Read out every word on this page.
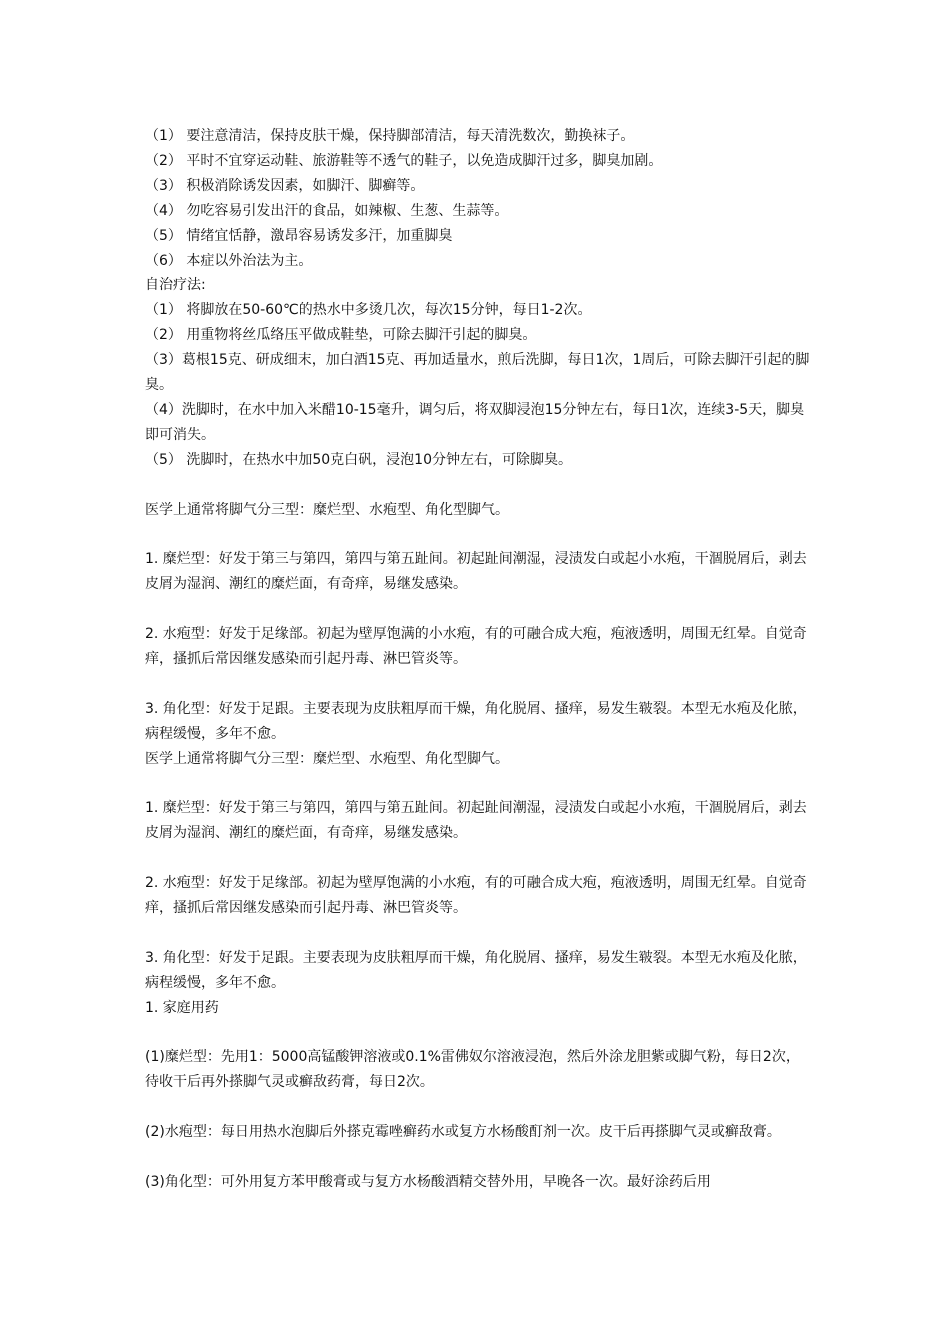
（1） 要注意清洁，保持皮肤干燥，保持脚部清洁，每天清洗数次，勤换袜子。

（2） 平时不宜穿运动鞋、旅游鞋等不透气的鞋子，以免造成脚汗过多，脚臭加剧。

（3） 积极消除诱发因素，如脚汗、脚癣等。

（4） 勿吃容易引发出汗的食品，如辣椒、生葱、生蒜等。

（5） 情绪宜恬静，激昂容易诱发多汗，加重脚臭

（6） 本症以外治法为主。

自治疗法:

（1） 将脚放在50-60℃的热水中多烫几次，每次15分钟，每日1-2次。

（2） 用重物将丝瓜络压平做成鞋垫，可除去脚汗引起的脚臭。

（3）葛根15克、研成细末，加白酒15克、再加适量水，煎后洗脚，每日1次，1周后，可除去脚汗引起的脚臭。

（4）洗脚时，在水中加入米醋10-15毫升，调匀后，将双脚浸泡15分钟左右，每日1次，连续3-5天，脚臭即可消失。

（5） 洗脚时，在热水中加50克白矾，浸泡10分钟左右，可除脚臭。

医学上通常将脚气分三型：糜烂型、水疱型、角化型脚气。

1. 糜烂型：好发于第三与第四，第四与第五趾间。初起趾间潮湿，浸渍发白或起小水疱，干涸脱屑后，剥去皮屑为湿润、潮红的糜烂面，有奇痒，易继发感染。

2. 水疱型：好发于足缘部。初起为壁厚饱满的小水疱，有的可融合成大疱，疱液透明，周围无红晕。自觉奇痒，搔抓后常因继发感染而引起丹毒、淋巴管炎等。

3. 角化型：好发于足跟。主要表现为皮肤粗厚而干燥，角化脱屑、搔痒，易发生皲裂。本型无水疱及化脓，病程缓慢，多年不愈。

医学上通常将脚气分三型：糜烂型、水疱型、角化型脚气。

1. 糜烂型：好发于第三与第四，第四与第五趾间。初起趾间潮湿，浸渍发白或起小水疱，干涸脱屑后，剥去皮屑为湿润、潮红的糜烂面，有奇痒，易继发感染。

2. 水疱型：好发于足缘部。初起为壁厚饱满的小水疱，有的可融合成大疱，疱液透明，周围无红晕。自觉奇痒，搔抓后常因继发感染而引起丹毒、淋巴管炎等。

3. 角化型：好发于足跟。主要表现为皮肤粗厚而干燥，角化脱屑、搔痒，易发生皲裂。本型无水疱及化脓，病程缓慢，多年不愈。

1. 家庭用药

(1)糜烂型：先用1：5000高锰酸钾溶液或0.1%雷佛奴尔溶液浸泡，然后外涂龙胆紫或脚气粉，每日2次，待收干后再外搽脚气灵或癣敌药膏，每日2次。

(2)水疱型：每日用热水泡脚后外搽克霉唑癣药水或复方水杨酸酊剂一次。皮干后再搽脚气灵或癣敌膏。

(3)角化型：可外用复方苯甲酸膏或与复方水杨酸酒精交替外用，早晚各一次。最好涂药后用
